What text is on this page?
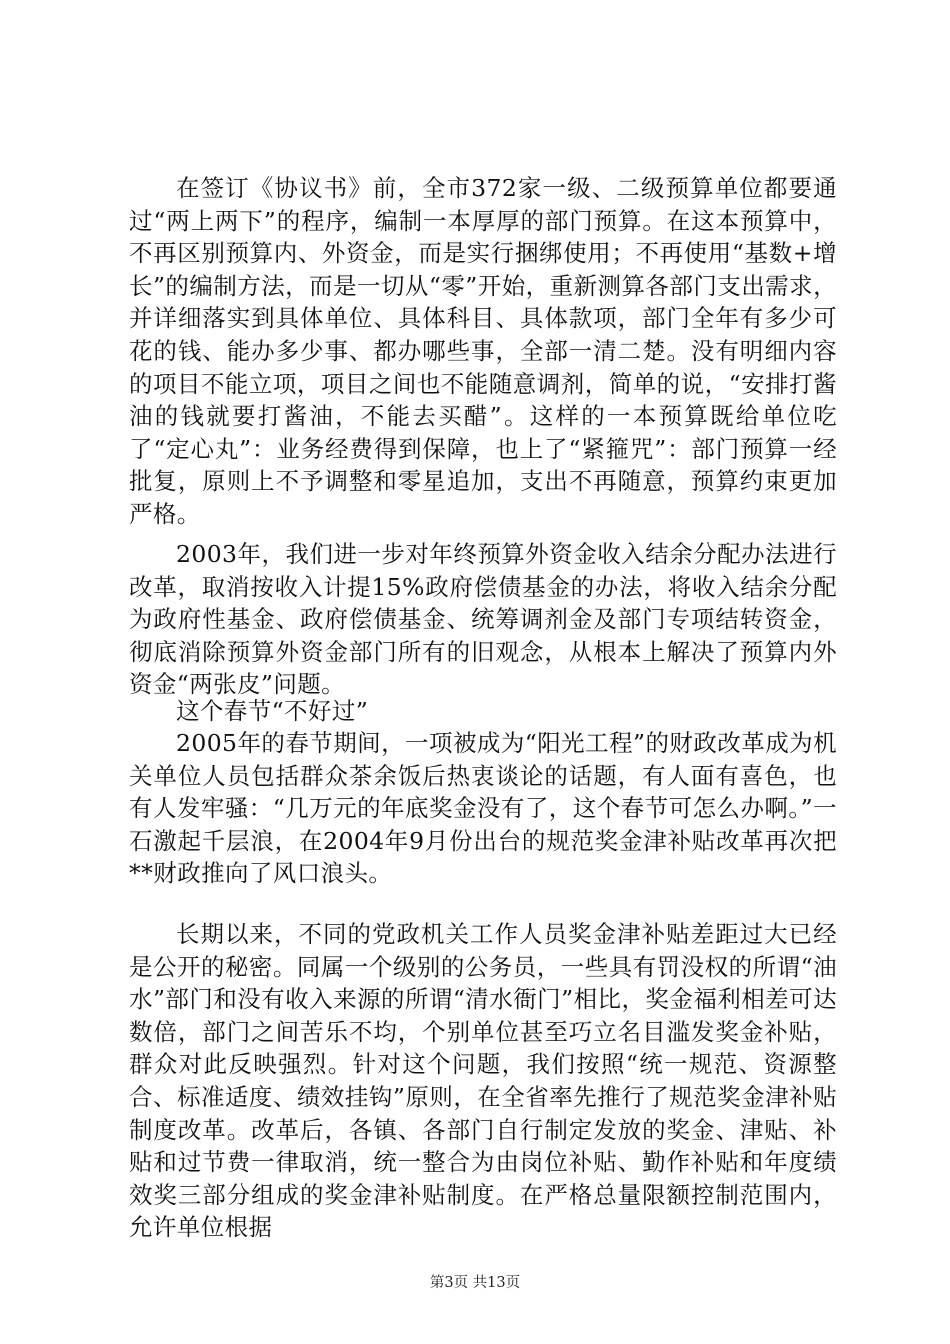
在签订《协议书》前，全市372家一级、二级预算单位都要通过“两上两下”的程序，编制一本厚厚的部门预算。在这本预算中，不再区别预算内、外资金，而是实行捆绑使用；不再使用“基数+增长”的编制方法，而是一切从“零”开始，重新测算各部门支出需求，并详细落实到具体单位、具体科目、具体款项，部门全年有多少可花的钱、能办多少事、都办哪些事，全部一清二楚。没有明细内容的项目不能立项，项目之间也不能随意调剂，简单的说，“安排打酱油的钱就要打酱油，不能去买醋”。这样的一本预算既给单位吃了“定心丸”：业务经费得到保障，也上了“紧箍咒”：部门预算一经批复，原则上不予调整和零星追加，支出不再随意，预算约束更加严格。

2003年，我们进一步对年终预算外资金收入结余分配办法进行改革，取消按收入计提15%政府偿债基金的办法，将收入结余分配为政府性基金、政府偿债基金、统筹调剂金及部门专项结转资金，彻底消除预算外资金部门所有的旧观念，从根本上解决了预算内外资金“两张皮”问题。

这个春节“不好过”

2005年的春节期间，一项被成为“阳光工程”的财政改革成为机关单位人员包括群众茶余饭后热衷谈论的话题，有人面有喜色，也有人发牢骚：“几万元的年底奖金没有了，这个春节可怎么办啊。”一石激起千层浪，在2004年9月份出台的规范奖金津补贴改革再次把**财政推向了风口浪头。

长期以来，不同的党政机关工作人员奖金津补贴差距过大已经是公开的秘密。同属一个级别的公务员，一些具有罚没权的所谓“油水”部门和没有收入来源的所谓“清水衙门”相比，奖金福利相差可达数倍，部门之间苦乐不均，个别单位甚至巧立名目滥发奖金补贴，群众对此反映强烈。针对这个问题，我们按照“统一规范、资源整合、标准适度、绩效挂钩”原则，在全省率先推行了规范奖金津补贴制度改革。改革后，各镇、各部门自行制定发放的奖金、津贴、补贴和过节费一律取消，统一整合为由岗位补贴、勤作补贴和年度绩效奖三部分组成的奖金津补贴制度。在严格总量限额控制范围内，允许单位根据

第3页 共13页
